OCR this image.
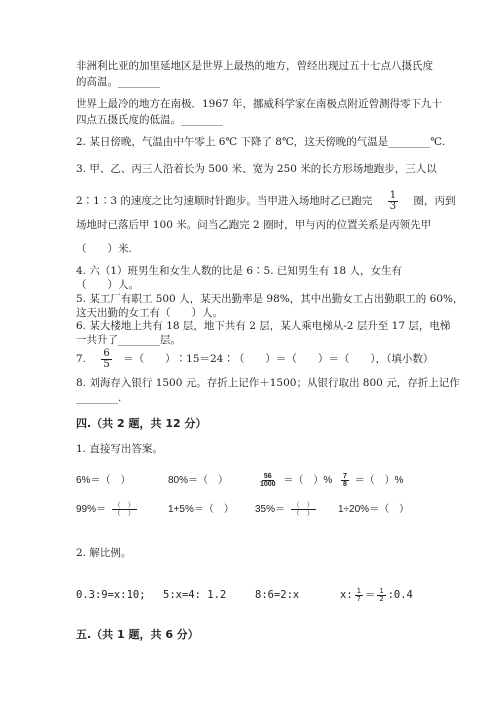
非洲利比亚的加里延地区是世界上最热的地方，曾经出现过五十七点八摄氏度
的高温。________
世界上最冷的地方在南极．1967 年，挪威科学家在南极点附近曾测得零下九十
四点五摄氏度的低温。________
2. 某日傍晚，气温由中午零上 6℃ 下降了 8℃，这天傍晚的气温是________℃.
3. 甲、乙、丙三人沿着长为 500 米、宽为 250 米的长方形场地跑步，三人以
2∶1∶3 的速度之比匀速顺时针跑步。当甲进入场地时乙已跑完 $\frac{1}{3}$ 圈，丙到
场地时已落后甲 100 米。问当乙跑完 2 圈时，甲与丙的位置关系是丙领先甲
（　　）米.
4. 六（1）班男生和女生人数的比是 6∶5. 已知男生有 18 人，女生有
（　　）人。
5. 某工厂有职工 500 人，某天出勤率是 98%，其中出勤女工占出勤职工的 60%，
这天出勤的女工有（　　）人。
6. 某大楼地上共有 18 层，地下共有 2 层，某人乘电梯从-2 层升至 17 层，电梯
一共升了________层。
7. $\frac{6}{5}$ ＝（　　）∶15＝24∶（　　）＝（　　）＝（　　），（填小数）
8. 刘海存入银行 1500 元。存折上记作＋1500；从银行取出 800 元，存折上记作
________.
四.（共 2 题，共 12 分）
1. 直接写出答案。
6%＝（　）	80%＝（　）	$\frac{56}{1000}$ ＝（　）% $\frac{7}{8}$ ＝（　）%
$99\%= \frac{( )}{( )}$	1+5%＝（　） $35\%= \frac{( )}{( )} 1\div 20\%=$（　）
2. 解比例。
0.3:9=x:10; 5:x=4: 1.2	8:6=2:x	x: $\frac{1}{7} = \frac{1}{2}$ :0.4
五.（共 1 题，共 6 分）
